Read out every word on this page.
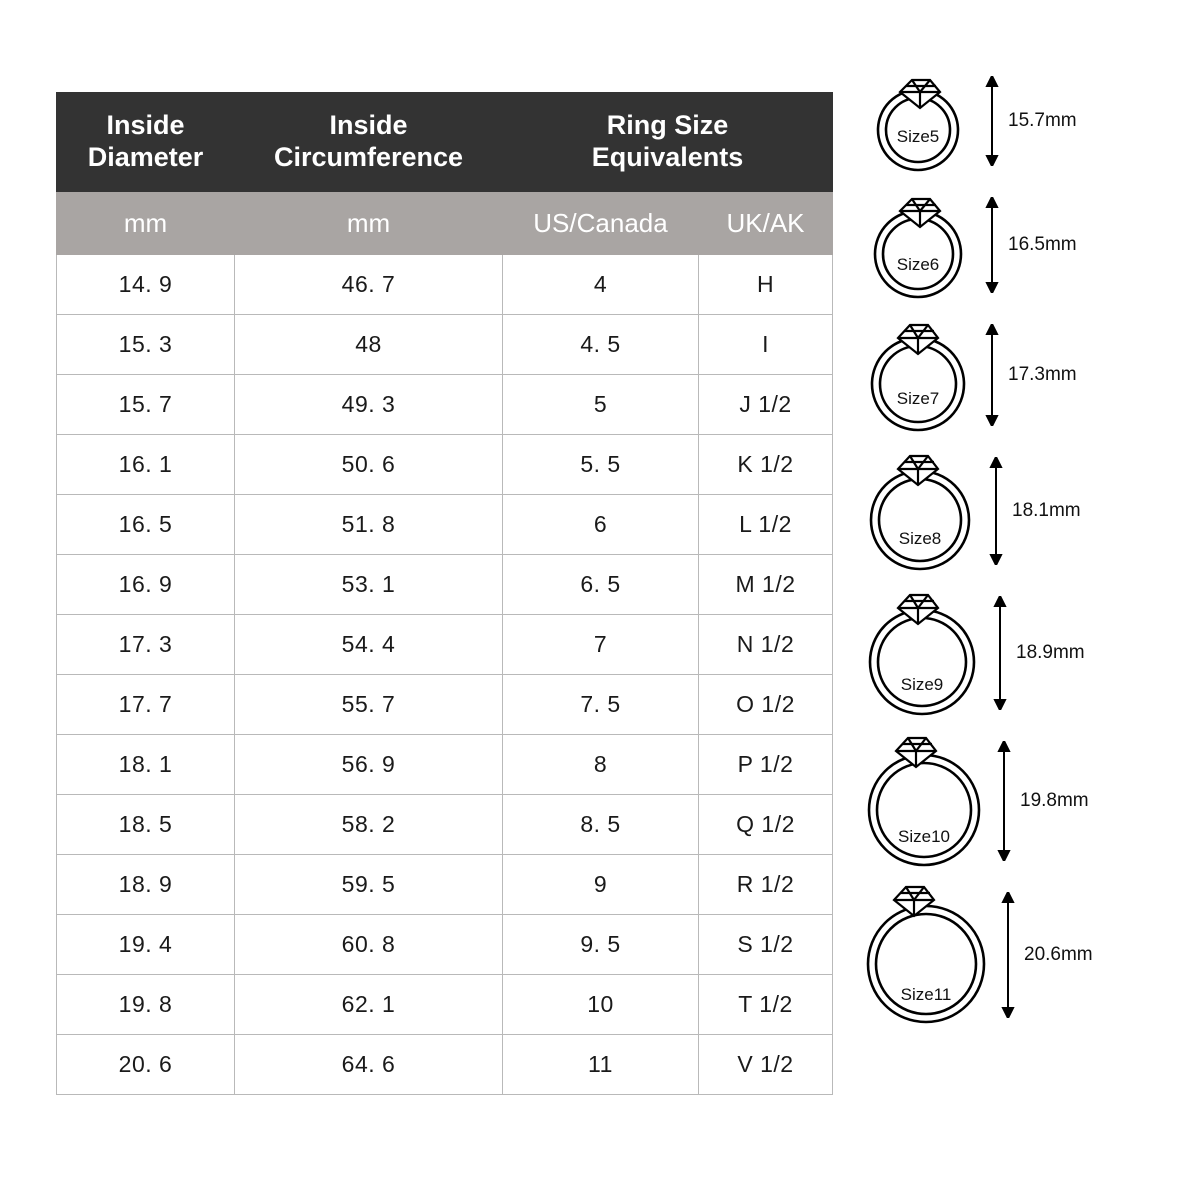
Inside
Diameter	Inside
Circumference	Ring Size
Equivalents	

mm	mm	US/Canada	UK/AK
14. 9	46. 7	4	H
15. 3	48	4. 5	I
15. 7	49. 3	5	J 1/2
16. 1	50. 6	5. 5	K 1/2
16. 5	51. 8	6	L 1/2
16. 9	53. 1	6. 5	M 1/2
17. 3	54. 4	7	N 1/2
17. 7	55. 7	7. 5	O 1/2
18. 1	56. 9	8	P 1/2
18. 5	58. 2	8. 5	Q 1/2
18. 9	59. 5	9	R 1/2
19. 4	60. 8	9. 5	S 1/2
19. 8	62. 1	10	T 1/2
20. 6	64. 6	11	V 1/2
Size5
15.7mm
Size6
16.5mm
Size7
17.3mm
Size8
18.1mm
Size9
18.9mm
Size10
19.8mm
Size11
20.6mm
